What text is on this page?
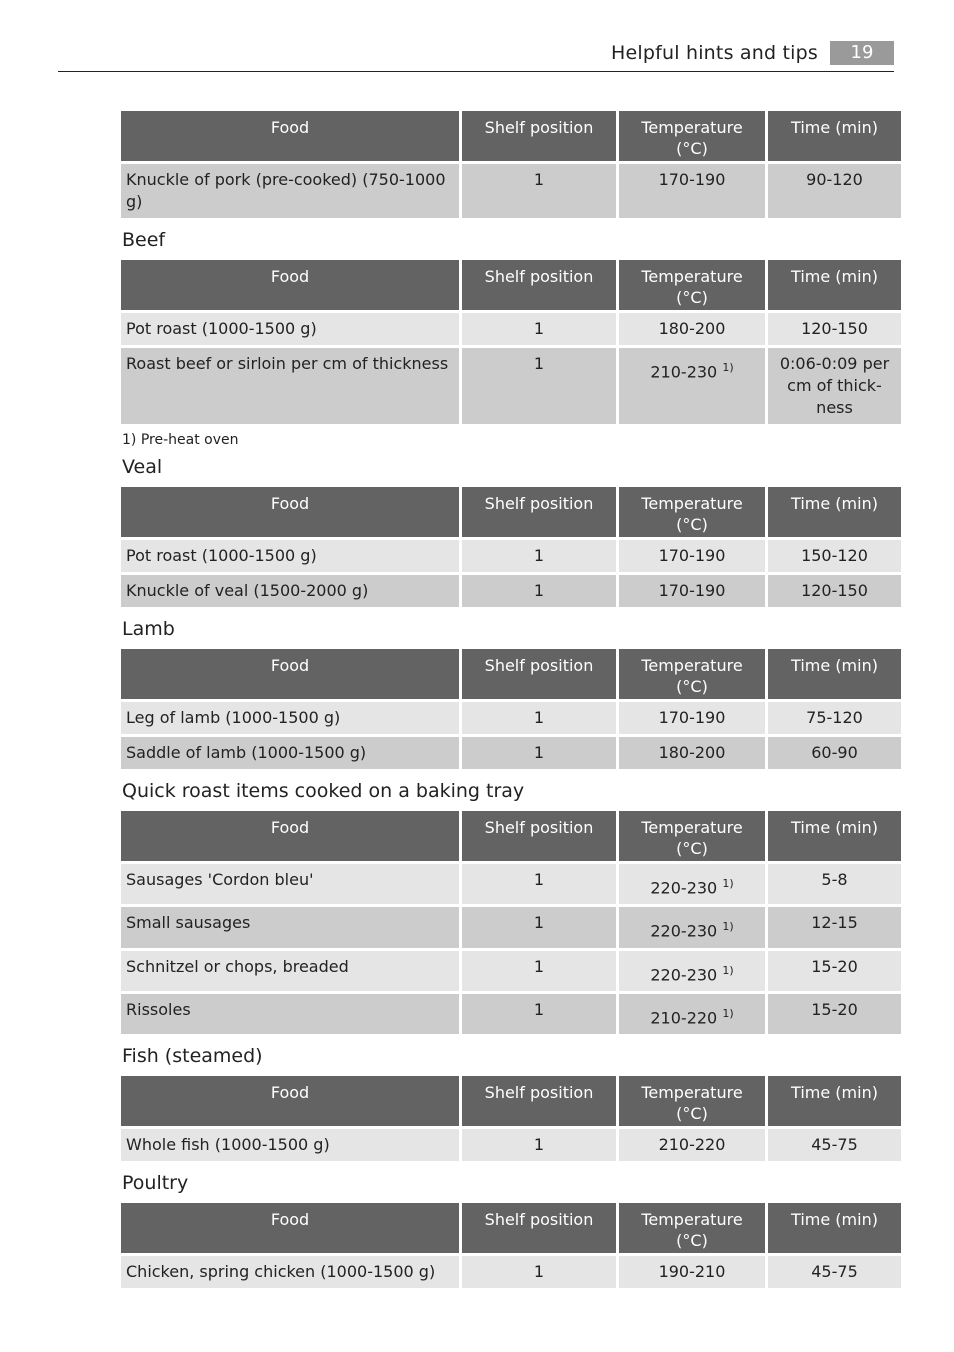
Helpful hints and tips	19
Food	Shelf position	Temperature (°C)	Time (min)
Knuckle of pork (pre-cooked) (750-1000 g)	1	170-190	90-120
Beef
Food	Shelf position	Temperature (°C)	Time (min)
Pot roast (1000-1500 g)	1	180-200	120-150
Roast beef or sirloin per cm of thickness	1	210-230 $^{1)}$	0:06-0:09 per cm of thick- ness
1) Pre-heat oven
Veal
Food	Shelf position	Temperature (°C)	Time (min)
Pot roast (1000-1500 g)	1	170-190	150-120
Knuckle of veal (1500-2000 g)	1	170-190	120-150
Lamb
Food	Shelf position	Temperature (°C)	Time (min)
Leg of lamb (1000-1500 g)	1	170-190	75-120
Saddle of lamb (1000-1500 g)	1	180-200	60-90
Quick roast items cooked on a baking tray
Food	Shelf position	Temperature (°C)	Time (min)
Sausages 'Cordon bleu'	1	220-230 $^{1)}$	5-8
Small sausages	1	220-230 $^{1)}$	12-15
Schnitzel or chops, breaded	1	220-230 $^{1)}$	15-20
Rissoles	1	210-220 $^{1)}$	15-20
Fish (steamed)
Food	Shelf position	Temperature (°C)	Time (min)
Whole fish (1000-1500 g)	1	210-220	45-75
Poultry
Food	Shelf position	Temperature (°C)	Time (min)
Chicken, spring chicken (1000-1500 g)	1	190-210	45-75
